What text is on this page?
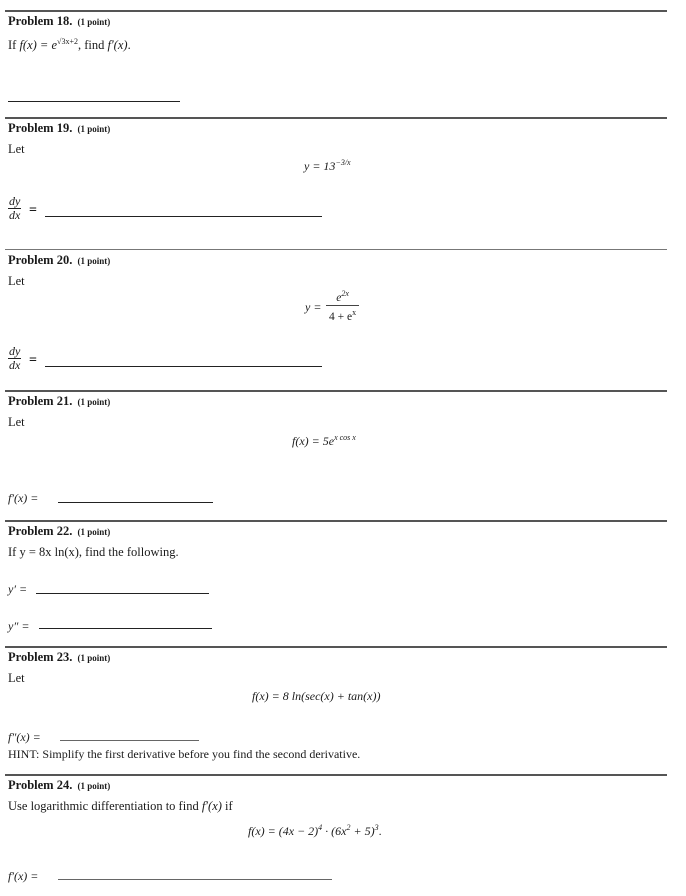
Problem 18. (1 point)
If $f(x) = e^{√3x+2}$, find f′(x).
Problem 19. (1 point)
Let
$y = 13^{-3/x}$
$\frac{dy}{dx}$ =
Problem 20. (1 point)
Let
$y = \frac{e^{2x}}{4 + e^x}$
$\frac{dy}{dx}$ =
Problem 21. (1 point)
Let
$f(x) = 5e^{x cos x}$
f′(x) =
Problem 22. (1 point)
If y = 8x ln(x), find the following.
y′ =
y″ =
Problem 23. (1 point)
Let
f(x) = 8 ln(sec(x) + tan(x))
f″(x) =
HINT: Simplify the first derivative before you find the second derivative.
Problem 24. (1 point)
Use logarithmic differentiation to find f′(x) if
$f(x) = (4x - 2)^4 \cdot (6x^2 + 5)^3$.
f′(x) =
